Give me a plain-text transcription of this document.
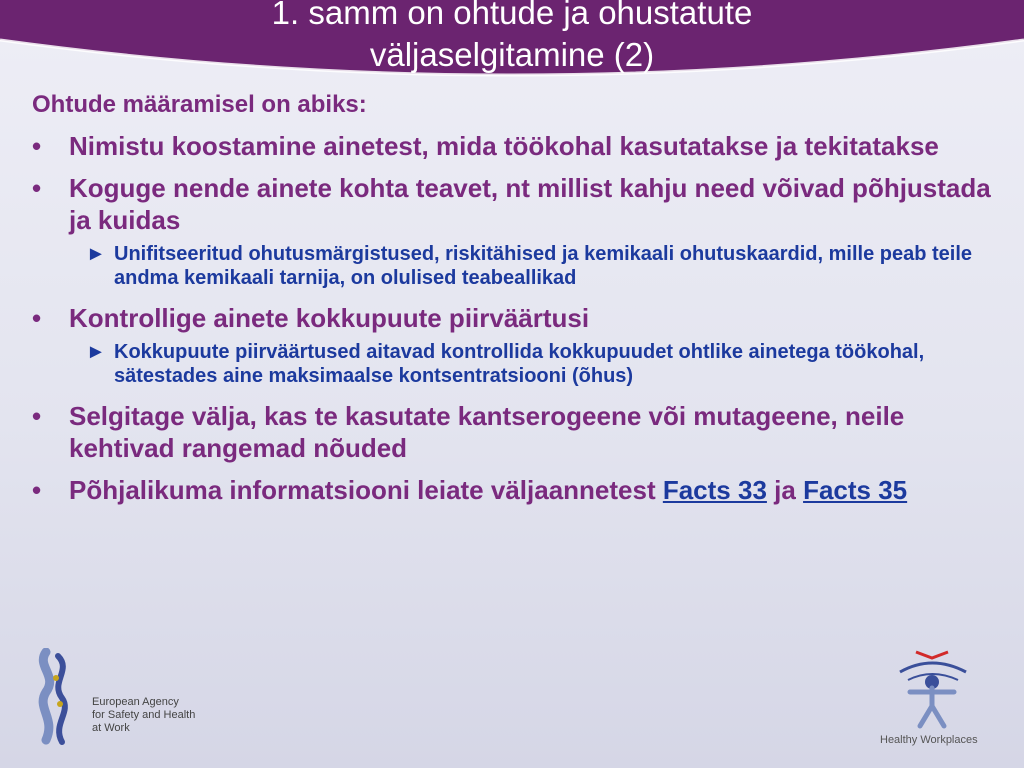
1. samm on ohtude ja ohustatute
väljaselgitamine (2)

Ohtude määramisel on abiks:

• Nimistu koostamine ainetest, mida töökohal kasutatakse ja tekitatakse
• Koguge nende ainete kohta teavet, nt millist kahju need võivad põhjustada ja kuidas
► Unifitseeritud ohutusmärgistused, riskitähised ja kemikaali ohutuskaardid, mille peab teile andma kemikaali tarnija, on olulised teabeallikad
• Kontrollige ainete kokkupuute piirväärtusi
► Kokkupuute piirväärtused aitavad kontrollida kokkupuudet ohtlike ainetega töökohal, sätestades aine maksimaalse kontsentratsiooni (õhus)
• Selgitage välja, kas te kasutate kantserogeene või mutageene, neile kehtivad rangemad nõuded
• Põhjalikuma informatsiooni leiate väljaannetest Facts 33 ja Facts 35
European Agency
for Safety and Health
at Work
Healthy Workplaces
